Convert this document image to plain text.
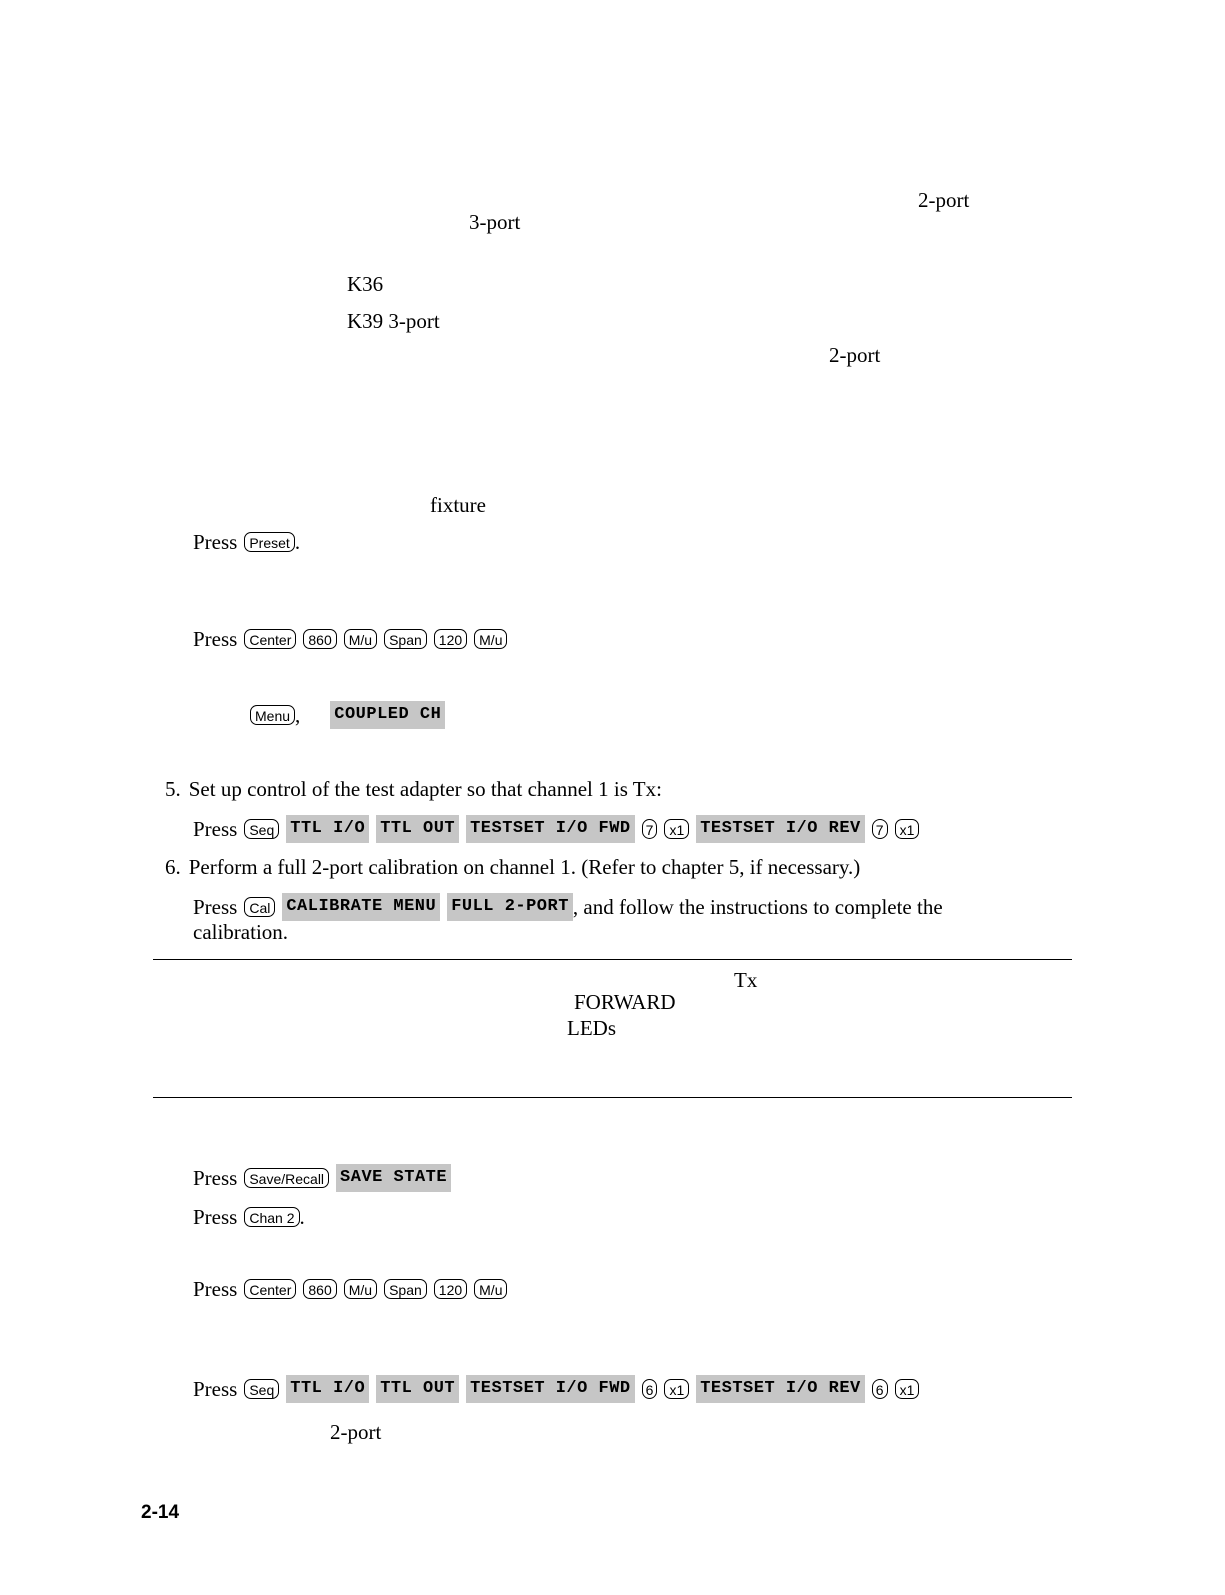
2-port
3-port
K36
K39 3-port
2-port
fixture
Press Preset .
Press Center	860	M/u	Span	120	M/u
Menu , COUPLED CH
5. Set up control of the test adapter so that channel 1 is Tx:
Press Seq TTL I/O TTL OUT TESTSET I/O FWD 7	x1 TESTSET I/O REV 7	x1
6. Perform a full 2-port calibration on channel 1. (Refer to chapter 5, if necessary.)
Press Cal CALIBRATE MENU FULL 2-PORT , and follow the instructions to complete the
calibration.
Tx
FORWARD
LEDs
Press Save/Recall SAVE STATE
Press Chan 2 .
Press Center	860	M/u	Span	120	M/u
Press Seq TTL I/O TTL OUT TESTSET I/O FWD 6	x1 TESTSET I/O REV 6	x1
2-port
2-14
